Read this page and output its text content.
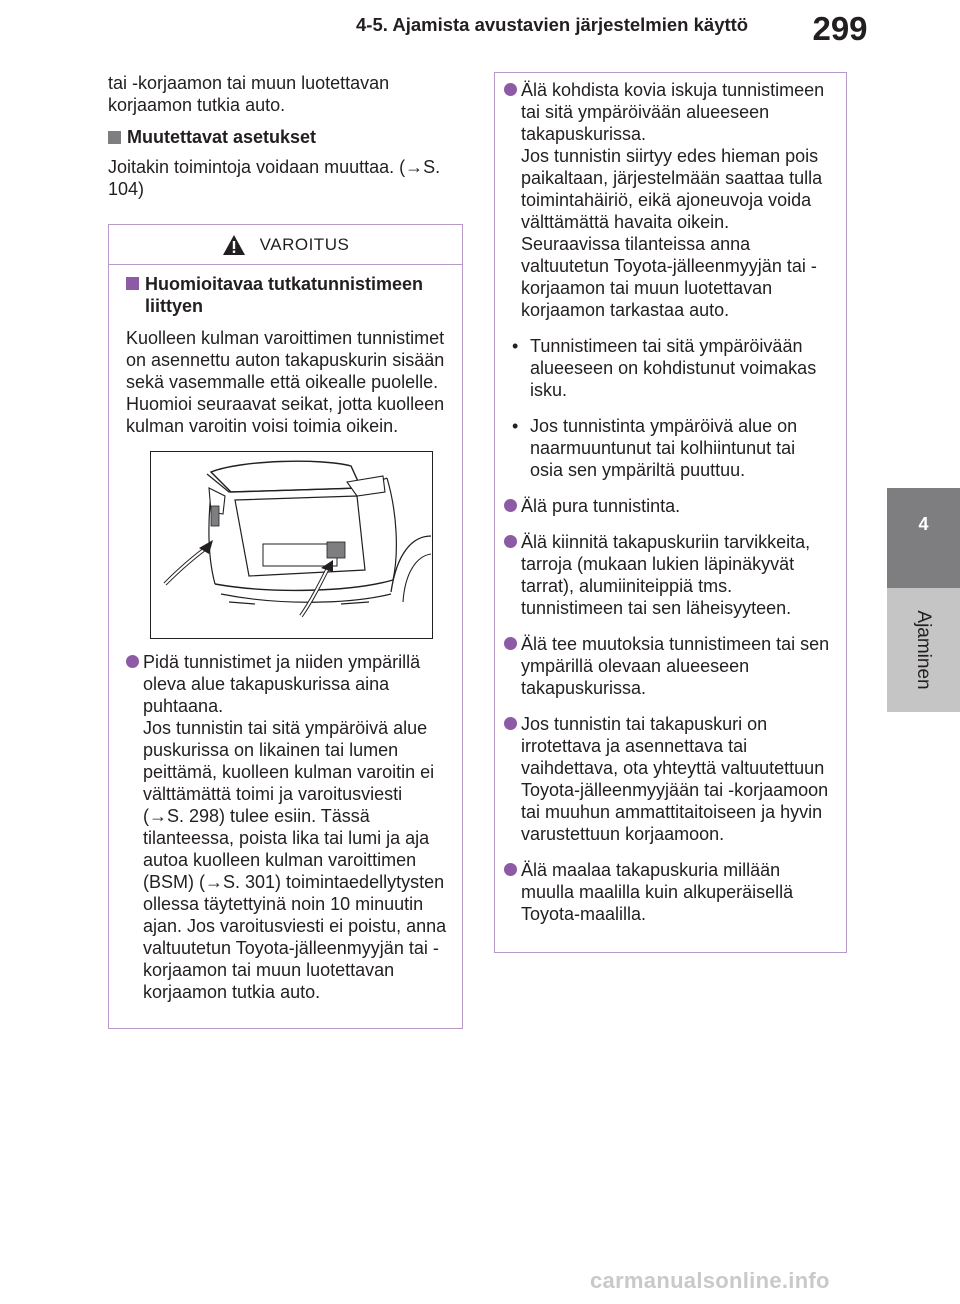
4-5. Ajamista avustavien järjestelmien käyttö	299
4
Ajaminen

tai -korjaamon tai muun luotettavan korjaamon tutkia auto.

Muutettavat asetukset

Joitakin toimintoja voidaan muuttaa. (→S. 104)

VAROITUS
Huomioitavaa tutkatunnistimeen liittyen

Kuolleen kulman varoittimen tunnistimet on asennettu auton takapuskurin sisään sekä vasemmalle että oikealle puolelle. Huomioi seuraavat seikat, jotta kuolleen kulman varoitin voisi toimia oikein.

Pidä tunnistimet ja niiden ympärillä oleva alue takapuskurissa aina puhtaana.
Jos tunnistin tai sitä ympäröivä alue puskurissa on likainen tai lumen peittämä, kuolleen kulman varoitin ei välttämättä toimi ja varoitusviesti (→S. 298) tulee esiin. Tässä tilanteessa, poista lika tai lumi ja aja autoa kuolleen kulman varoittimen (BSM) (→S. 301) toimintaedellytysten ollessa täytettyinä noin 10 minuutin ajan. Jos varoitusviesti ei poistu, anna valtuutetun Toyota-jälleenmyyjän tai -korjaamon tai muun luotettavan korjaamon tutkia auto.
Älä kohdista kovia iskuja tunnistimeen tai sitä ympäröivään alueeseen takapuskurissa.
Jos tunnistin siirtyy edes hieman pois paikaltaan, järjestelmään saattaa tulla toimintahäiriö, eikä ajoneuvoja voida välttämättä havaita oikein.
Seuraavissa tilanteissa anna valtuutetun Toyota-jälleenmyyjän tai -korjaamon tai muun luotettavan korjaamon tarkastaa auto.
• Tunnistimeen tai sitä ympäröivään alueeseen on kohdistunut voimakas isku.
• Jos tunnistinta ympäröivä alue on naarmuuntunut tai kolhiintunut tai osia sen ympäriltä puuttuu.
Älä pura tunnistinta.
Älä kiinnitä takapuskuriin tarvikkeita, tarroja (mukaan lukien läpinäkyvät tarrat), alumiiniteippiä tms. tunnistimeen tai sen läheisyyteen.
Älä tee muutoksia tunnistimeen tai sen ympärillä olevaan alueeseen takapuskurissa.
Jos tunnistin tai takapuskuri on irrotettava ja asennettava tai vaihdettava, ota yhteyttä valtuutettuun Toyota-jälleenmyyjään tai -korjaamoon tai muuhun ammattitaitoiseen ja hyvin varustettuun korjaamoon.
Älä maalaa takapuskuria millään muulla maalilla kuin alkuperäisellä Toyota-maalilla.
carmanualsonline.info
